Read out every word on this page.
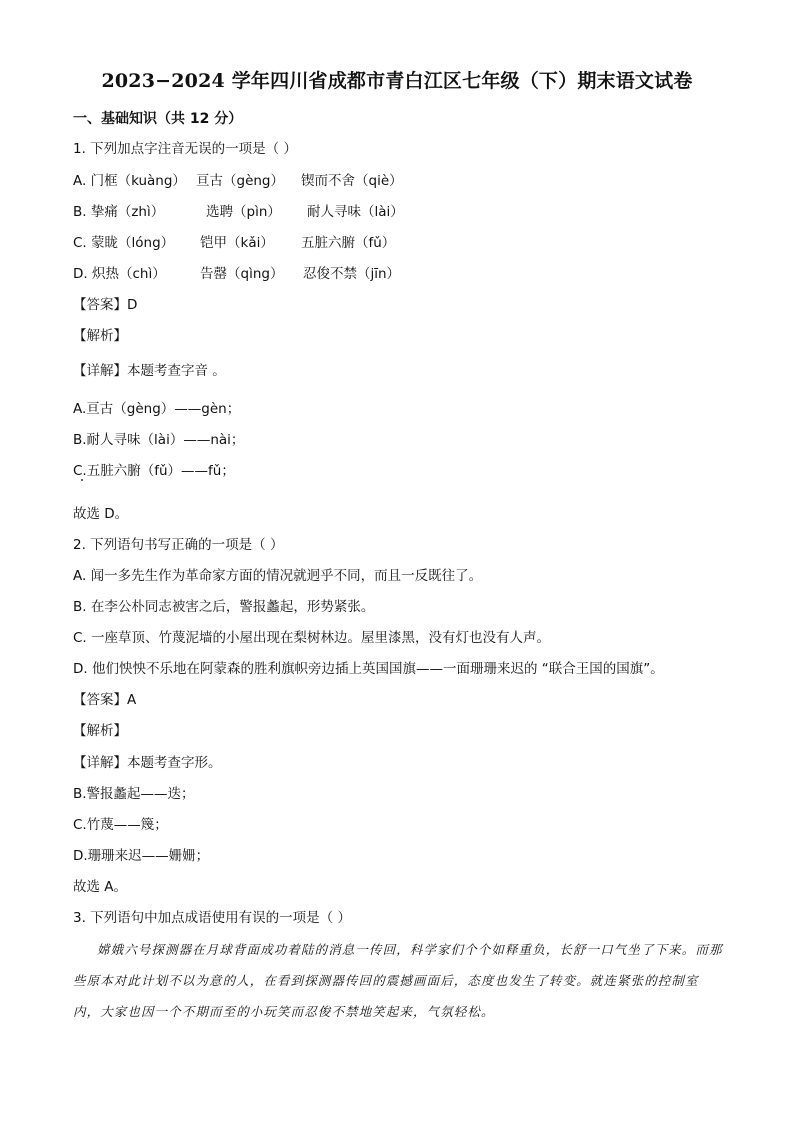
2023−2024 学年四川省成都市青白江区七年级（下）期末语文试卷
一、基础知识（共 12 分）
1. 下列加点字注音无误的一项是（ ）
A. 门框（kuàng） 亘古（gèng） 锲而不舍（qiè）
B. 挚痛（zhì）	选聘（pìn） 耐人寻味（lài）
C. 蒙眬（lóng） 铠甲（kǎi） 五脏六腑（fǔ）
D. 炽热（chì）	告罄（qìng） 忍俊不禁（jīn）
【答案】D
【解析】
【详解】本题考查字音 。
A.亘古（gèng）——gèn；
B.耐人寻味（lài）——nài；
C.五脏六腑（fǔ）——fǔ；
故选 D。
2. 下列语句书写正确的一项是（ ）
A. 闻一多先生作为革命家方面的情况就迥乎不同，而且一反既往了。
B. 在李公朴同志被害之后，警报蠡起，形势紧张。
C. 一座草顶、竹蔑泥墙的小屋出现在梨树林边。屋里漆黑，没有灯也没有人声。
D. 他们怏怏不乐地在阿蒙森的胜利旗帜旁边插上英国国旗——一面珊珊来迟的 “联合王国的国旗”。
【答案】A
【解析】
【详解】本题考查字形。
B.警报蠡起——迭；
C.竹蔑——篾；
D.珊珊来迟——姗姗；
故选 A。
3. 下列语句中加点成语使用有误的一项是（ ）
嫦娥六号探测器在月球背面成功着陆的消息一传回，科学家们个个如释重负，长舒一口气坐了下来。而那些原本对此计划不以为意的人，在看到探测器传回的震撼画面后，态度也发生了转变。就连紧张的控制室内，大家也因一个不期而至的小玩笑而忍俊不禁地笑起来，气氛轻松。
